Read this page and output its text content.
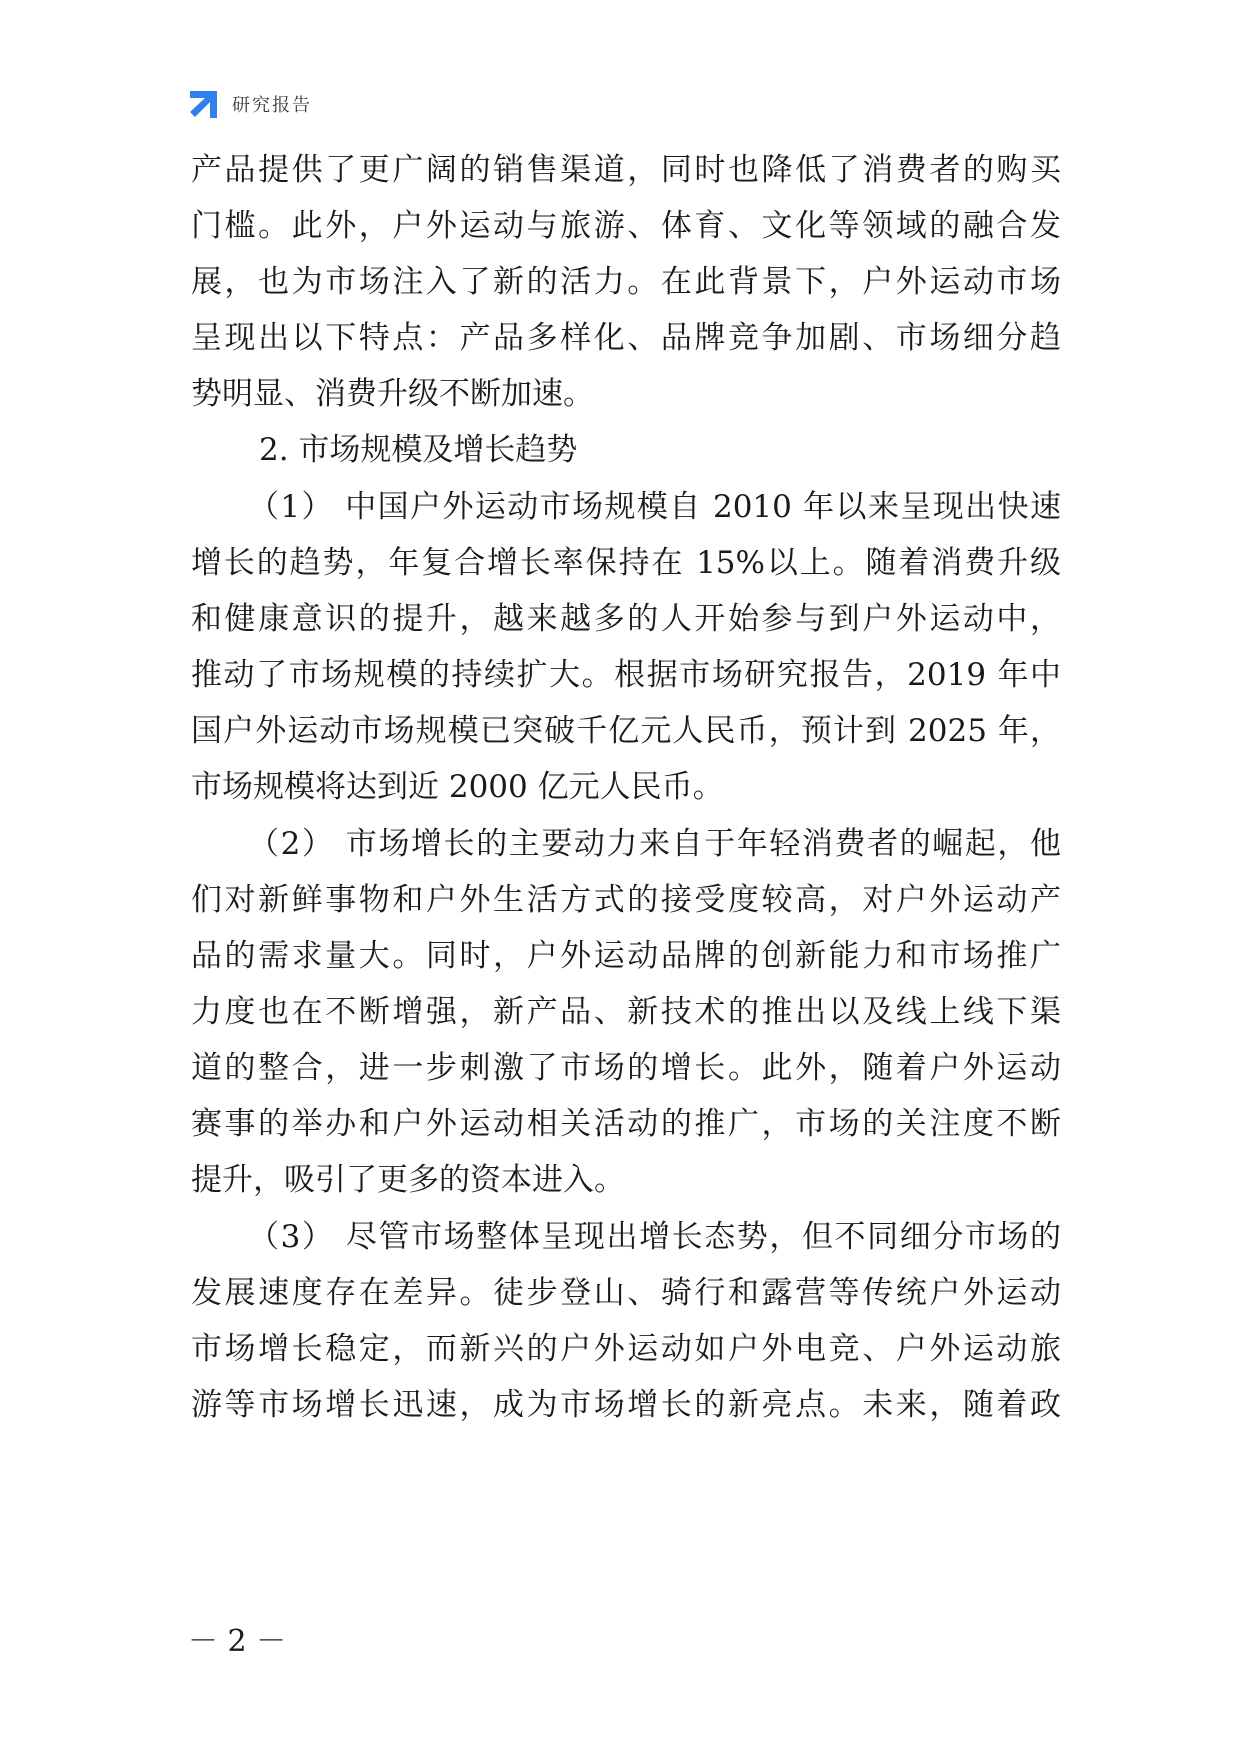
研究报告
产品提供了更广阔的销售渠道，同时也降低了消费者的购买
门槛。此外，户外运动与旅游、体育、文化等领域的融合发
展，也为市场注入了新的活力。在此背景下，户外运动市场
呈现出以下特点：产品多样化、品牌竞争加剧、市场细分趋
势明显、消费升级不断加速。
2. 市场规模及增长趋势
（1） 中国户外运动市场规模自 2010 年以来呈现出快速
增长的趋势，年复合增长率保持在 15%以上。随着消费升级
和健康意识的提升，越来越多的人开始参与到户外运动中，
推动了市场规模的持续扩大。根据市场研究报告，2019 年中
国户外运动市场规模已突破千亿元人民币，预计到 2025 年，
市场规模将达到近 2000 亿元人民币。
（2） 市场增长的主要动力来自于年轻消费者的崛起，他
们对新鲜事物和户外生活方式的接受度较高，对户外运动产
品的需求量大。同时，户外运动品牌的创新能力和市场推广
力度也在不断增强，新产品、新技术的推出以及线上线下渠
道的整合，进一步刺激了市场的增长。此外，随着户外运动
赛事的举办和户外运动相关活动的推广，市场的关注度不断
提升，吸引了更多的资本进入。
（3） 尽管市场整体呈现出增长态势，但不同细分市场的
发展速度存在差异。徒步登山、骑行和露营等传统户外运动
市场增长稳定，而新兴的户外运动如户外电竞、户外运动旅
游等市场增长迅速，成为市场增长的新亮点。未来，随着政
－ 2 －
